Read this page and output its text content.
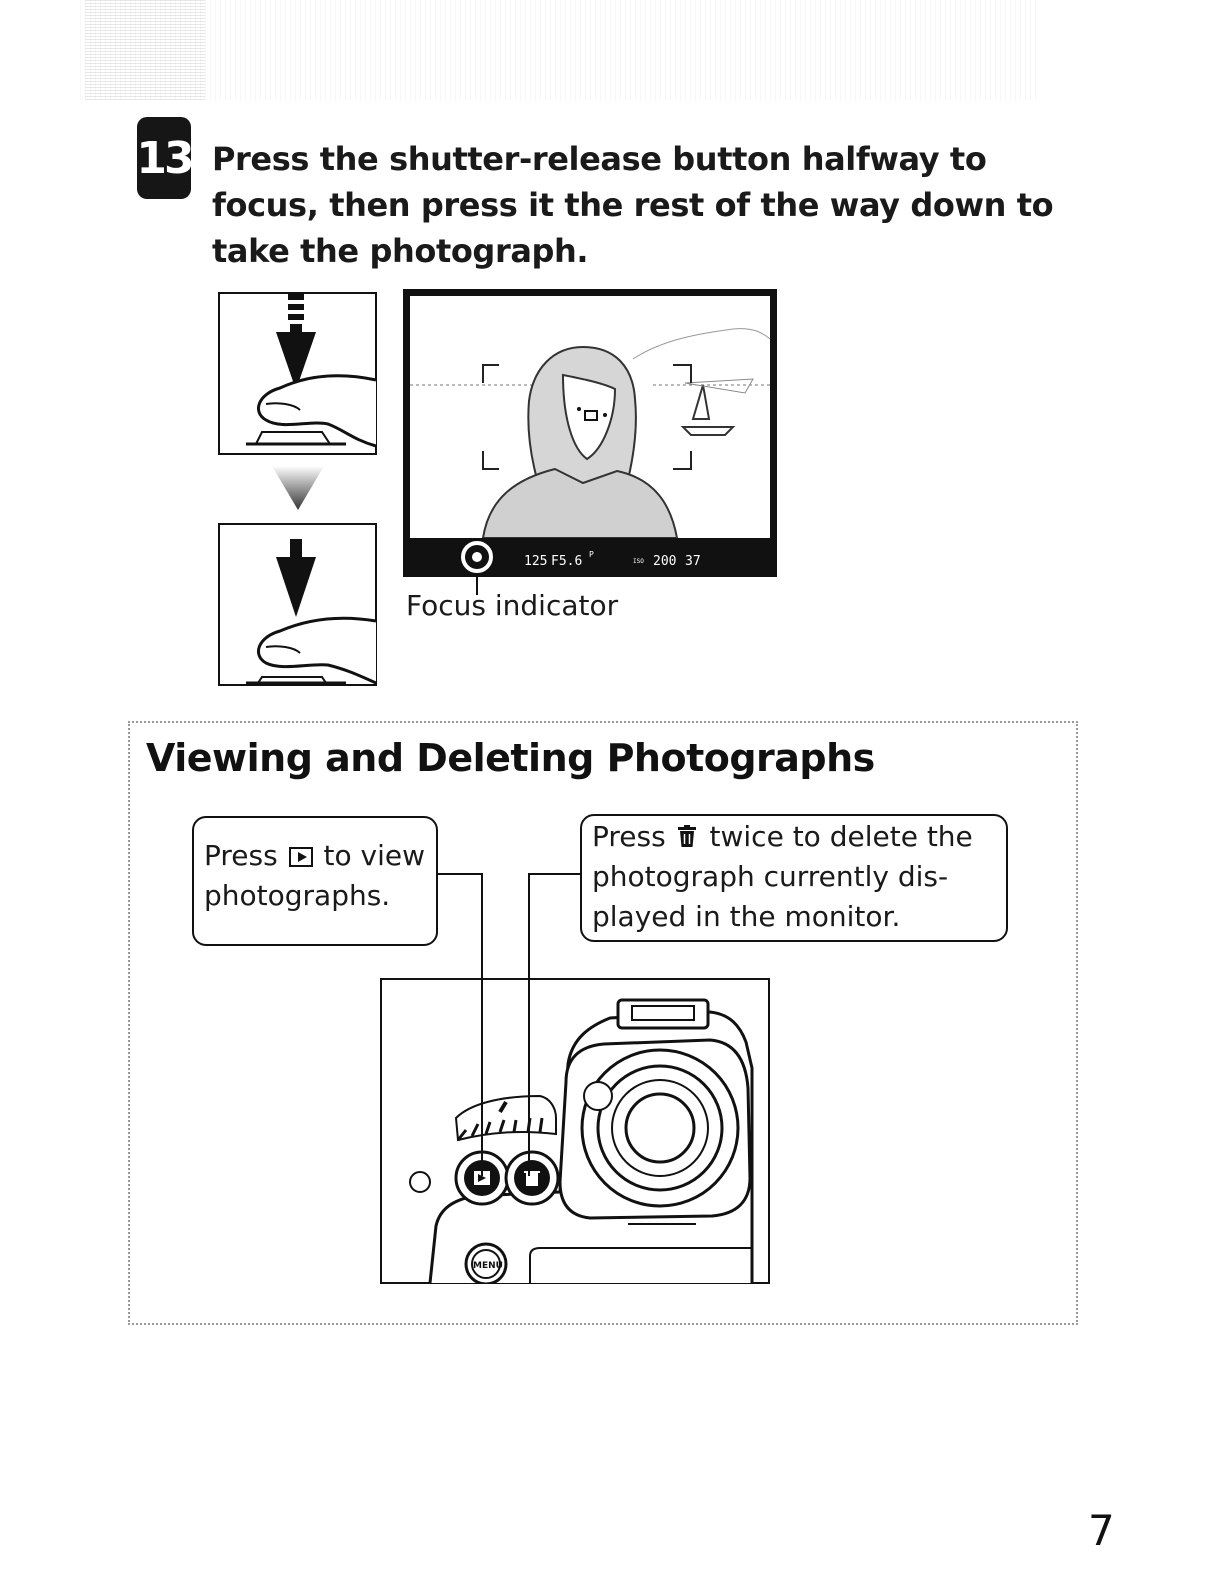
13 Press the shutter-release button halfway to focus, then press it the rest of the way down to take the photograph.
125 F5.6 P
ISO 200 37
Focus indicator
Viewing and Deleting Photographs
Press to view photographs.
Press twice to delete the photograph currently dis-played in the monitor.
MENU
7
